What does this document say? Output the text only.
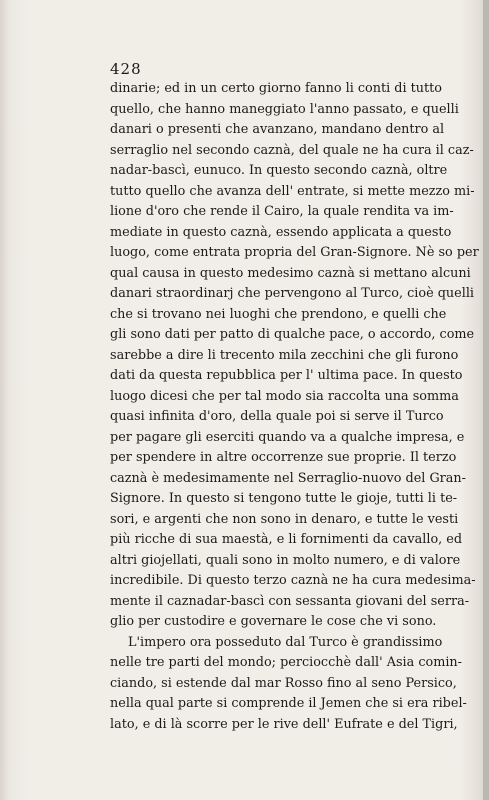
428
dinarie; ed in un certo giorno fanno li conti di tutto
quello, che hanno maneggiato l'anno passato, e quelli
danari o presenti che avanzano, mandano dentro al
serraglio nel secondo caznà, del quale ne ha cura il caz-
nadar-bascì, eunuco. In questo secondo caznà, oltre
tutto quello che avanza dell' entrate, si mette mezzo mi-
lione d'oro che rende il Cairo, la quale rendita va im-
mediate in questo caznà, essendo applicata a questo
luogo, come entrata propria del Gran-Signore. Nè so per
qual causa in questo medesimo caznà si mettano alcuni
danari straordinarj che pervengono al Turco, cioè quelli
che si trovano nei luoghi che prendono, e quelli che
gli sono dati per patto di qualche pace, o accordo, come
sarebbe a dire li trecento mila zecchini che gli furono
dati da questa repubblica per l' ultima pace. In questo
luogo dicesi che per tal modo sia raccolta una somma
quasi infinita d'oro, della quale poi si serve il Turco
per pagare gli eserciti quando va a qualche impresa, e
per spendere in altre occorrenze sue proprie. Il terzo
caznà è medesimamente nel Serraglio-nuovo del Gran-
Signore. In questo si tengono tutte le gioje, tutti li te-
sori, e argenti che non sono in denaro, e tutte le vesti
più ricche di sua maestà, e li fornimenti da cavallo, ed
altri giojellati, quali sono in molto numero, e di valore
incredibile. Di questo terzo caznà ne ha cura medesima-
mente il caznadar-bascì con sessanta giovani del serra-
glio per custodire e governare le cose che vi sono.
L'impero ora posseduto dal Turco è grandissimo
nelle tre parti del mondo; perciocchè dall' Asia comin-
ciando, si estende dal mar Rosso fino al seno Persico,
nella qual parte si comprende il Jemen che si era ribel-
lato, e di là scorre per le rive dell' Eufrate e del Tigri,
